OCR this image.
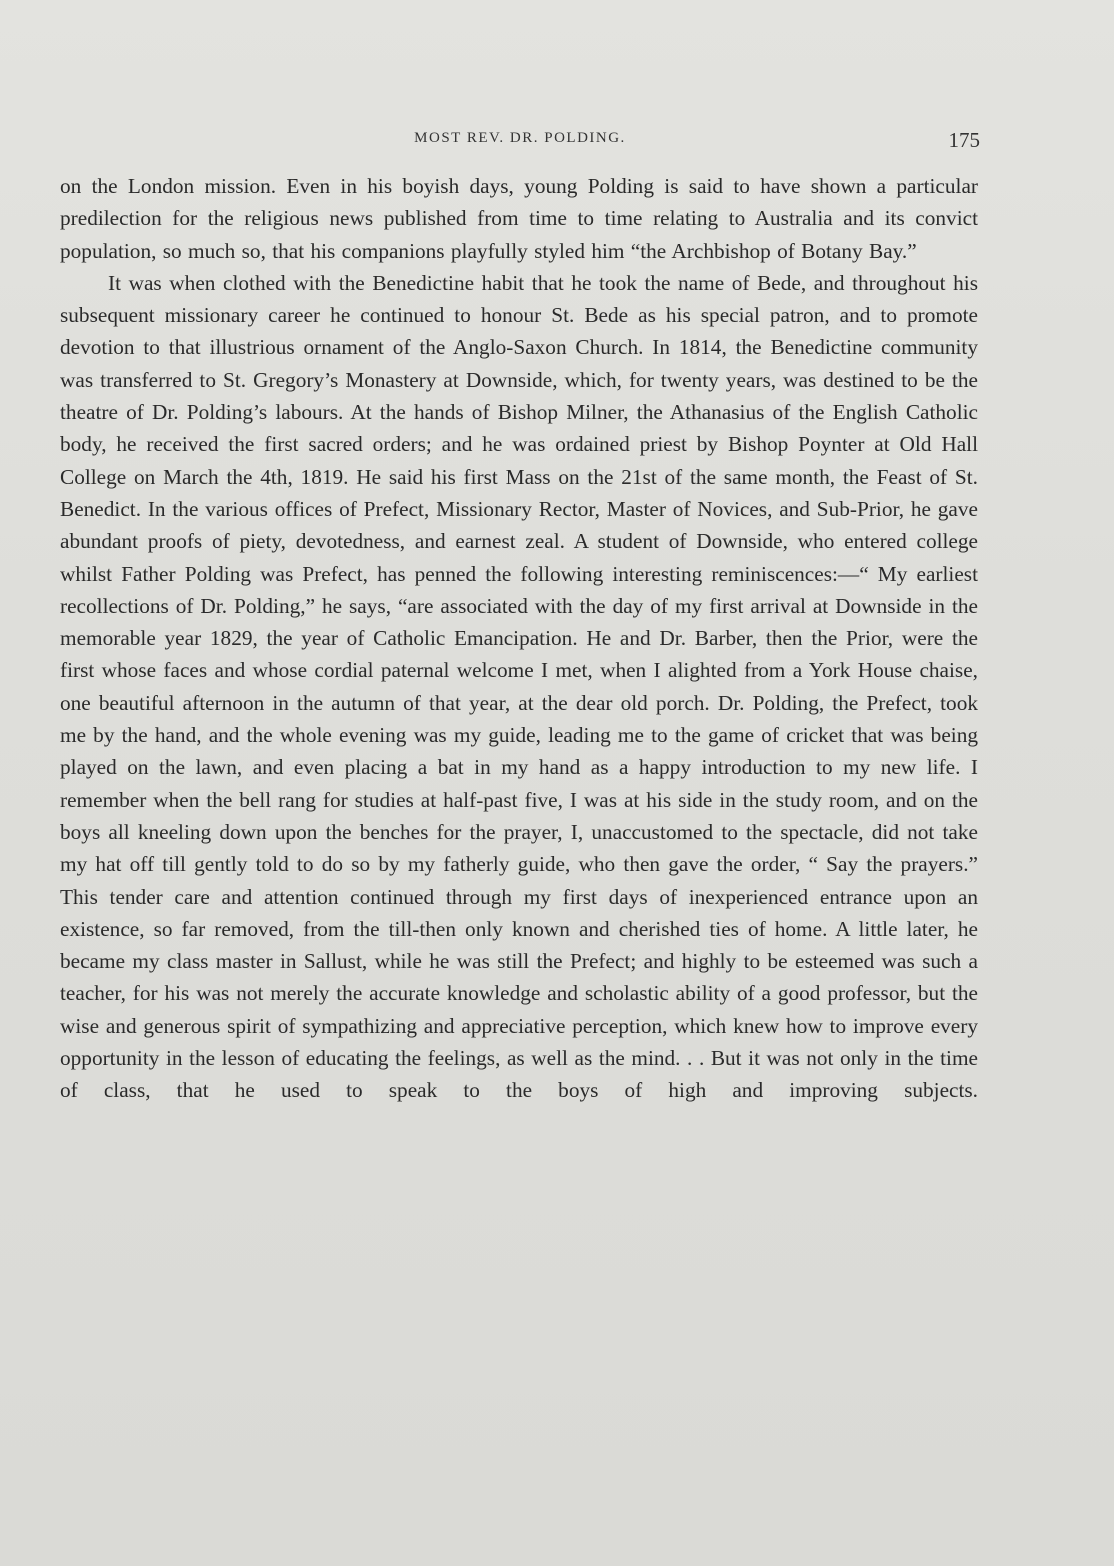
MOST REV. DR. POLDING.	175

on the London mission. Even in his boyish days, young Polding is said to have shown a particular predilection for the religious news published from time to time relating to Australia and its convict population, so much so, that his companions playfully styled him “the Archbishop of Botany Bay.”

It was when clothed with the Benedictine habit that he took the name of Bede, and throughout his subsequent missionary career he continued to honour St. Bede as his special patron, and to promote devotion to that illustrious ornament of the Anglo-Saxon Church. In 1814, the Benedictine community was transferred to St. Gregory’s Monastery at Downside, which, for twenty years, was destined to be the theatre of Dr. Polding’s labours. At the hands of Bishop Milner, the Athanasius of the English Catholic body, he received the first sacred orders; and he was ordained priest by Bishop Poynter at Old Hall College on March the 4th, 1819. He said his first Mass on the 21st of the same month, the Feast of St. Benedict. In the various offices of Prefect, Missionary Rector, Master of Novices, and Sub-Prior, he gave abundant proofs of piety, devotedness, and earnest zeal. A student of Downside, who entered college whilst Father Polding was Prefect, has penned the following interesting reminiscences:—“ My earliest recollections of Dr. Polding,” he says, “are associated with the day of my first arrival at Downside in the memorable year 1829, the year of Catholic Emancipation. He and Dr. Barber, then the Prior, were the first whose faces and whose cordial paternal welcome I met, when I alighted from a York House chaise, one beautiful afternoon in the autumn of that year, at the dear old porch. Dr. Polding, the Prefect, took me by the hand, and the whole evening was my guide, leading me to the game of cricket that was being played on the lawn, and even placing a bat in my hand as a happy introduction to my new life. I remember when the bell rang for studies at half-past five, I was at his side in the study room, and on the boys all kneeling down upon the benches for the prayer, I, unaccustomed to the spectacle, did not take my hat off till gently told to do so by my fatherly guide, who then gave the order, “ Say the prayers.” This tender care and attention continued through my first days of inexperienced entrance upon an existence, so far removed, from the till-then only known and cherished ties of home. A little later, he became my class master in Sallust, while he was still the Prefect; and highly to be esteemed was such a teacher, for his was not merely the accurate knowledge and scholastic ability of a good professor, but the wise and generous spirit of sympathizing and appreciative perception, which knew how to improve every opportunity in the lesson of educating the feelings, as well as the mind. . . But it was not only in the time of class, that he used to speak to the boys of high and improving subjects.
